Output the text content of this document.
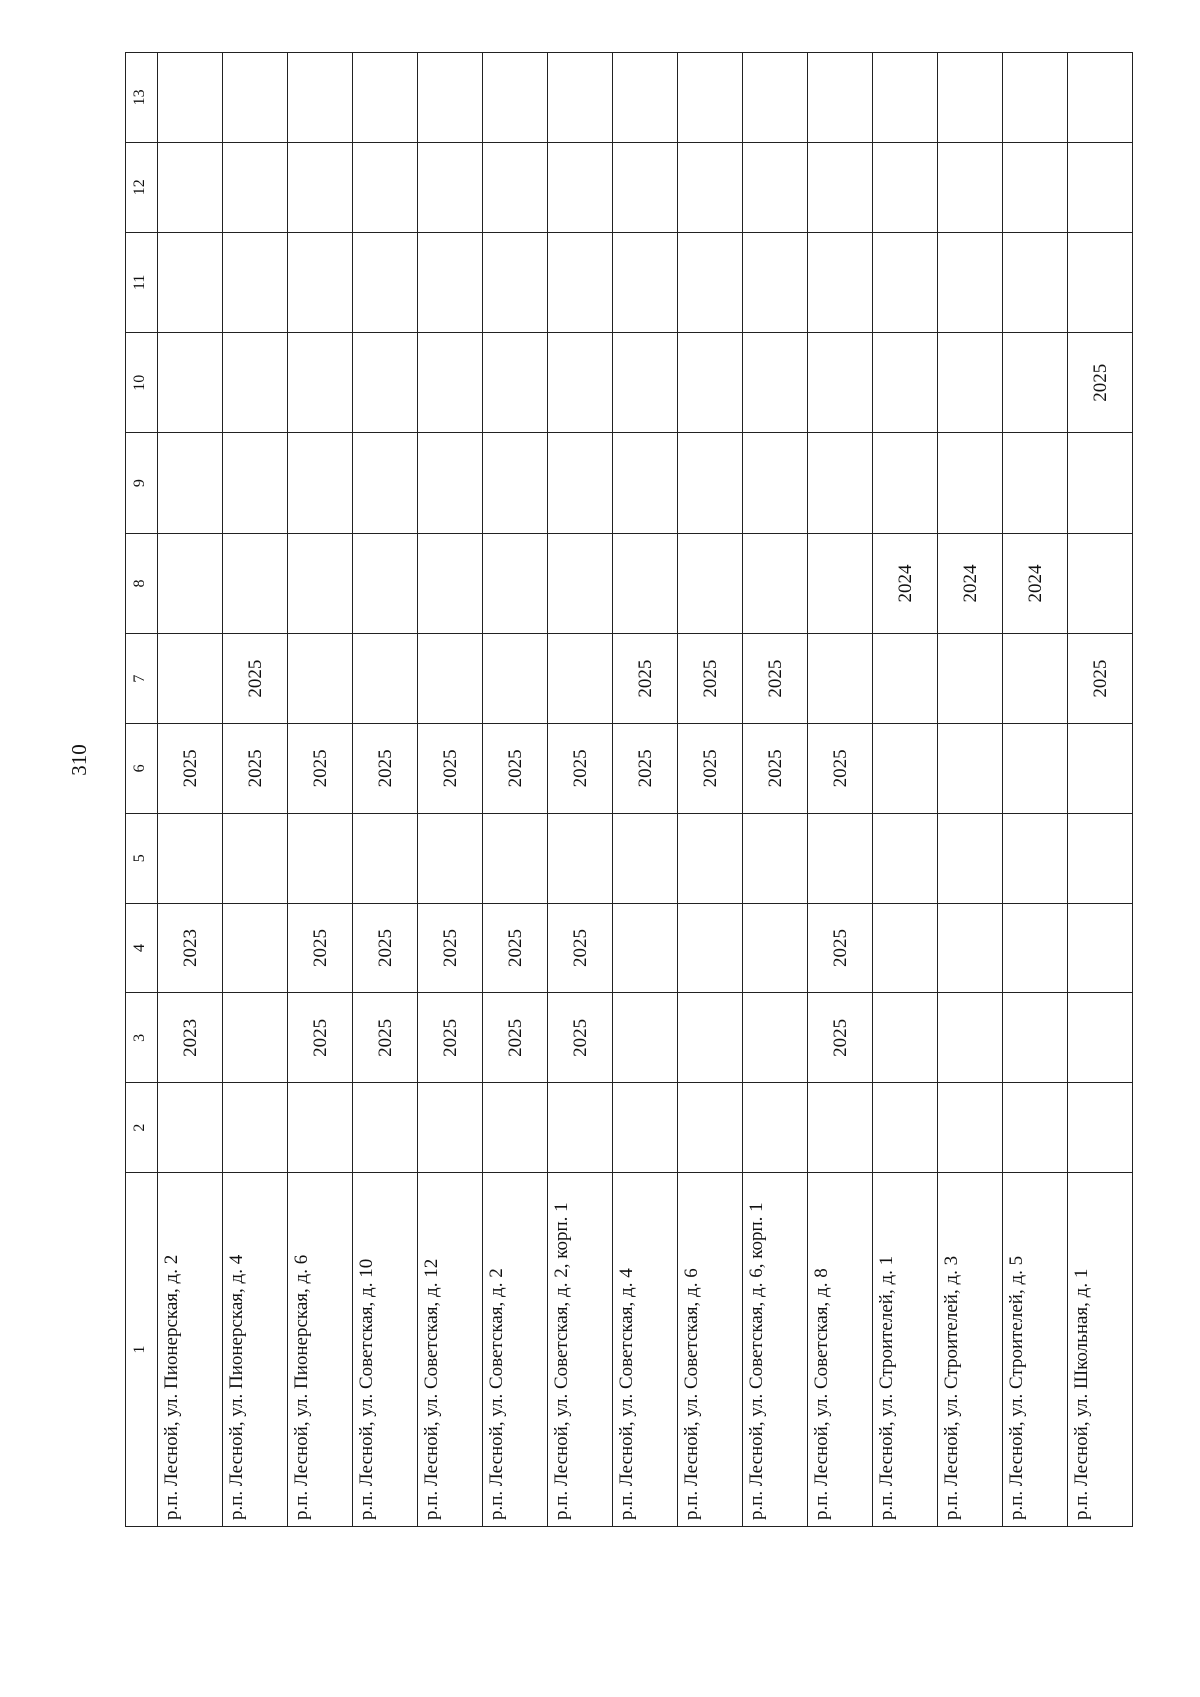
310
1	2	3	4	5	6	7	8	9	10	11	12	13
р.п. Лесной, ул. Пионерская, д. 2		2023	2023		2025							
р.п. Лесной, ул. Пионерская, д. 4					2025	2025						
р.п. Лесной, ул. Пионерская, д. 6		2025	2025		2025							
р.п. Лесной, ул. Советская, д. 10		2025	2025		2025							
р.п. Лесной, ул. Советская, д. 12		2025	2025		2025							
р.п. Лесной, ул. Советская, д. 2		2025	2025		2025							
р.п. Лесной, ул. Советская, д. 2, корп. 1		2025	2025		2025							
р.п. Лесной, ул. Советская, д. 4					2025	2025						
р.п. Лесной, ул. Советская, д. 6					2025	2025						
р.п. Лесной, ул. Советская, д. 6, корп. 1					2025	2025						
р.п. Лесной, ул. Советская, д. 8		2025	2025		2025							
р.п. Лесной, ул. Строителей, д. 1							2024					
р.п. Лесной, ул. Строителей, д. 3							2024					
р.п. Лесной, ул. Строителей, д. 5							2024					
р.п. Лесной, ул. Школьная, д. 1						2025			2025			
